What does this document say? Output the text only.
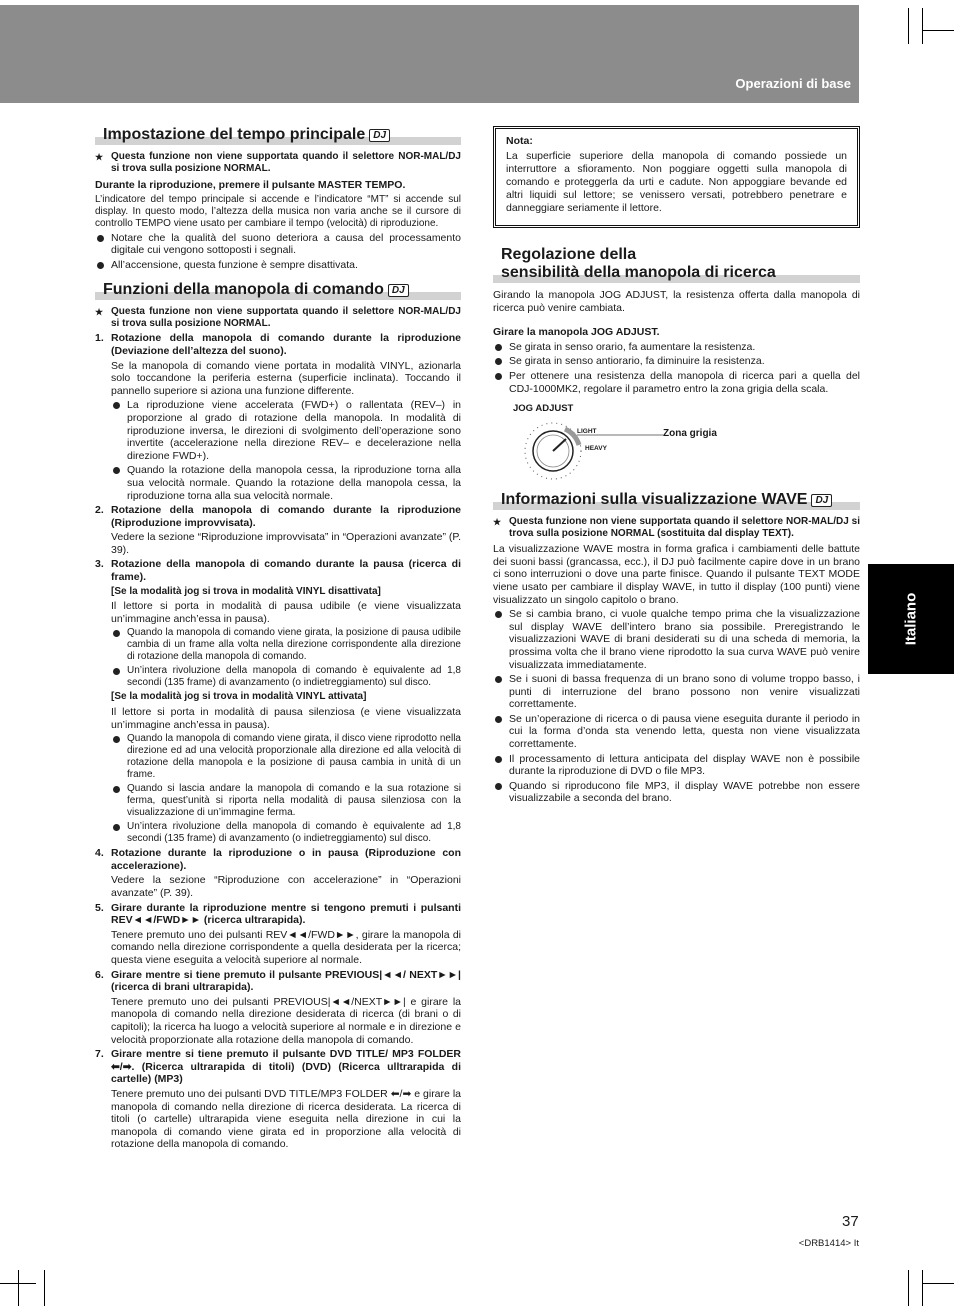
Operazioni di base
Italiano
Impostazione del tempo principale DJ
★ Questa funzione non viene supportata quando il selettore NOR-MAL/DJ si trova sulla posizione NORMAL.

Durante la riproduzione, premere il pulsante MASTER TEMPO.

L’indicatore del tempo principale si accende e l’indicatore “MT” si accende sul display. In questo modo, l’altezza della musica non varia anche se il cursore di controllo TEMPO viene usato per cambiare il tempo (velocità) di riproduzione.

Notare che la qualità del suono deteriora a causa del processamento digitale cui vengono sottoposti i segnali.
All’accensione, questa funzione è sempre disattivata.
Funzioni della manopola di comando DJ
★ Questa funzione non viene supportata quando il selettore NOR-MAL/DJ si trova sulla posizione NORMAL.
1. Rotazione della manopola di comando durante la riproduzione (Deviazione dell’altezza del suono).

Se la manopola di comando viene portata in modalità VINYL, azionarla solo toccandone la periferia esterna (superficie inclinata). Toccando il pannello superiore si aziona una funzione differente.

La riproduzione viene accelerata (FWD+) o rallentata (REV–) in proporzione al grado di rotazione della manopola. In modalità di riproduzione inversa, le direzioni di svolgimento dell’operazione sono invertite (accelerazione nella direzione REV– e decelerazione nella direzione FWD+).
Quando la rotazione della manopola cessa, la riproduzione torna alla sua velocità normale. Quando la rotazione della manopola cessa, la riproduzione torna alla sua velocità normale.
2. Rotazione della manopola di comando durante la riproduzione (Riproduzione improvvisata).

Vedere la sezione “Riproduzione improvvisata” in “Operazioni avanzate” (P. 39).

3. Rotazione della manopola di comando durante la pausa (ricerca di frame).

[Se la modalità jog si trova in modalità VINYL disattivata]

Il lettore si porta in modalità di pausa udibile (e viene visualizzata un’immagine anch’essa in pausa).

Quando la manopola di comando viene girata, la posizione di pausa udibile cambia di un frame alla volta nella direzione corrispondente alla direzione di rotazione della manopola di comando.
Un’intera rivoluzione della manopola di comando è equivalente ad 1,8 secondi (135 frame) di avanzamento (o indietreggiamento) sul disco.

[Se la modalità jog si trova in modalità VINYL attivata]

Il lettore si porta in modalità di pausa silenziosa (e viene visualizzata un’immagine anch’essa in pausa).

Quando la manopola di comando viene girata, il disco viene riprodotto nella direzione ed ad una velocità proporzionale alla direzione ed alla velocità di rotazione della manopola e la posizione di pausa cambia in unità di un frame.
Quando si lascia andare la manopola di comando e la sua rotazione si ferma, quest’unità si riporta nella modalità di pausa silenziosa con la visualizzazione di un’immagine ferma.
Un’intera rivoluzione della manopola di comando è equivalente ad 1,8 secondi (135 frame) di avanzamento (o indietreggiamento) sul disco.
4. Rotazione durante la riproduzione o in pausa (Riproduzione con accelerazione).

Vedere la sezione “Riproduzione con accelerazione” in “Operazioni avanzate” (P. 39).

5. Girare durante la riproduzione mentre si tengono premuti i pulsanti REV◄◄/FWD►► (ricerca ultrarapida).

Tenere premuto uno dei pulsanti REV◄◄/FWD►►, girare la manopola di comando nella direzione corrispondente a quella desiderata per la ricerca; questa viene eseguita a velocità superiore al normale.

6. Girare mentre si tiene premuto il pulsante PREVIOUS|◄◄/ NEXT►►| (ricerca di brani ultrarapida).

Tenere premuto uno dei pulsanti PREVIOUS|◄◄/NEXT►►| e girare la manopola di comando nella direzione desiderata di ricerca (di brani o di capitoli); la ricerca ha luogo a velocità superiore al normale e in direzione e velocità proporzionate alla rotazione della manopola di comando.

7. Girare mentre si tiene premuto il pulsante DVD TITLE/ MP3 FOLDER ⬅/➡. (Ricerca ultrarapida di titoli) (DVD) (Ricerca ulltrarapida di cartelle) (MP3)

Tenere premuto uno dei pulsanti DVD TITLE/MP3 FOLDER ⬅/➡ e girare la manopola di comando nella direzione di ricerca desiderata. La ricerca di titoli (o cartelle) ultrarapida viene eseguita nella direzione in cui la manopola di comando viene girata ed in proporzione alla velocità di rotazione della manopola di comando.

Nota:

La superficie superiore della manopola di comando possiede un interruttore a sfioramento. Non poggiare oggetti sulla manopola di comando e proteggerla da urti e cadute. Non appoggiare bevande ed altri liquidi sul lettore; se venissero versati, potrebbero penetrare e danneggiare seriamente il lettore.

Regolazione della
sensibilità della manopola di ricerca

Girando la manopola JOG ADJUST, la resistenza offerta dalla manopola di ricerca può venire cambiata.

Girare la manopola JOG ADJUST.

Se girata in senso orario, fa aumentare la resistenza.
Se girata in senso antiorario, fa diminuire la resistenza.
Per ottenere una resistenza della manopola di ricerca pari a quella del CDJ-1000MK2, regolare il parametro entro la zona grigia della scala.
JOG ADJUST
LIGHT
HEAVY
Zona grigia
Informazioni sulla visualizzazione WAVE DJ
★ Questa funzione non viene supportata quando il selettore NOR-MAL/DJ si trova sulla posizione NORMAL (sostituita dal display TEXT).

La visualizzazione WAVE mostra in forma grafica i cambiamenti delle battute dei suoni bassi (grancassa, ecc.), il DJ può facilmente capire dove in un brano ci sono interruzioni o dove una parte finisce. Quando il pulsante TEXT MODE viene usato per cambiare il display WAVE, in tutto il display (100 punti) viene visualizzato un singolo capitolo o brano.

Se si cambia brano, ci vuole qualche tempo prima che la visualizzazione sul display WAVE dell’intero brano sia possibile. Preregistrando le visualizzazioni WAVE di brani desiderati su di una scheda di memoria, la prossima volta che il brano viene riprodotto la sua curva WAVE può venire visualizzata immediatamente.
Se i suoni di bassa frequenza di un brano sono di volume troppo basso, i punti di interruzione del brano possono non venire visualizzati correttamente.
Se un’operazione di ricerca o di pausa viene eseguita durante il periodo in cui la forma d’onda sta venendo letta, questa non viene visualizzata correttamente.
Il processamento di lettura anticipata del display WAVE non è possibile durante la riproduzione di DVD o file MP3.
Quando si riproducono file MP3, il display WAVE potrebbe non essere visualizzabile a seconda del brano.
37
<DRB1414> It
